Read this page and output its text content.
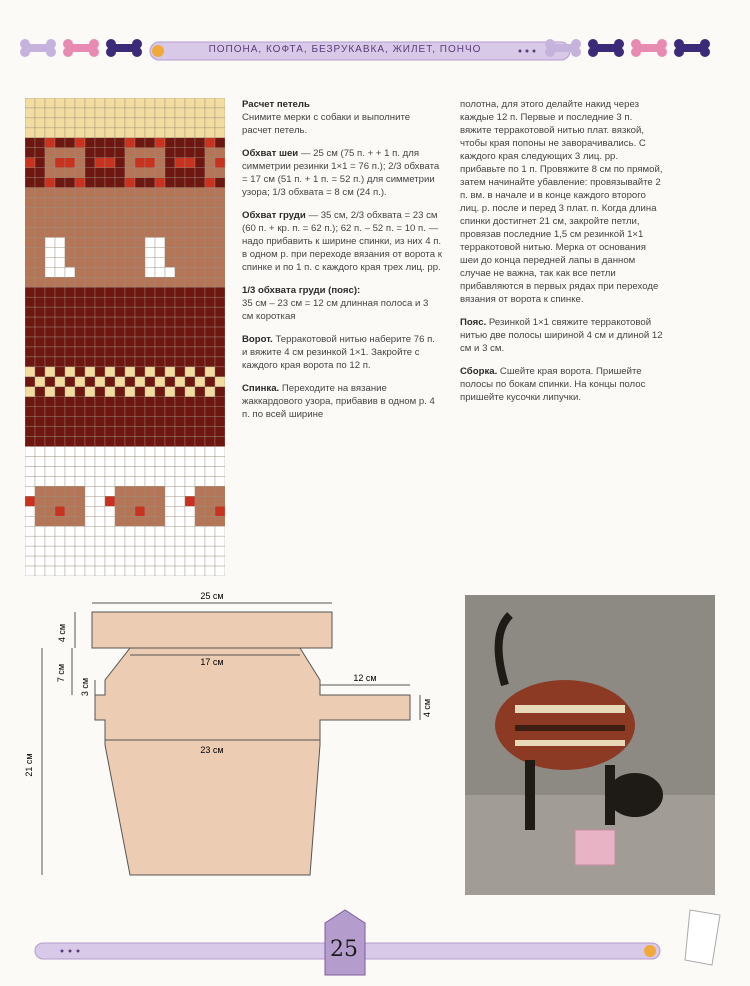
ПОПОНА, КОФТА, БЕЗРУКАВКА, ЖИЛЕТ, ПОНЧО

Расчет петель
Снимите мерки с собаки и выполните расчет петель.

Обхват шеи — 25 см (75 п. + + 1 п. для симметрии резинки 1×1 = 76 п.); 2/3 обхвата = 17 см (51 п. + 1 п. = 52 п.) для симметрии узора; 1/3 обхвата = 8 см (24 п.).

Обхват груди — 35 см, 2/3 обхвата = 23 см (60 п. + кр. п. = 62 п.); 62 п. – 52 п. = 10 п. — надо прибавить к ширине спинки, из них 4 п. в одном р. при переходе вязания от ворота к спинке и по 1 п. с каждого края трех лиц. рр.

1/3 обхвата груди (пояс):
35 см – 23 см = 12 см длинная полоса и 3 см короткая

Ворот. Терракотовой нитью наберите 76 п. и вяжите 4 см резинкой 1×1. Закройте с каждого края ворота по 12 п.

Спинка. Переходите на вязание жаккардового узора, прибавив в одном р. 4 п. по всей ширине

полотна, для этого делайте накид через каждые 12 п. Первые и последние 3 п. вяжите терракотовой нитью плат. вязкой, чтобы края попоны не заворачивались. С каждого края следующих 3 лиц. рр. прибавьте по 1 п. Провяжите 8 см по прямой, затем начинайте убавление: провязывайте 2 п. вм. в начале и в конце каждого второго лиц. р. после и перед 3 плат. п. Когда длина спинки достигнет 21 см, закройте петли, провязав последние 1,5 см резинкой 1×1 терракотовой нитью. Мерка от основания шеи до конца передней лапы в данном случае не важна, так как все петли прибавляются в первых рядах при переходе вязания от ворота к спинке.

Пояс. Резинкой 1×1 свяжите терракотовой нитью две полосы шириной 4 см и длиной 12 см и 3 см.

Сборка. Сшейте края ворота. Пришейте полосы по бокам спинки. На концы полос пришейте кусочки липучки.

25 см
4 см
17 см
7 см
3 см	12 см
4 см
23 см
21 см
25
